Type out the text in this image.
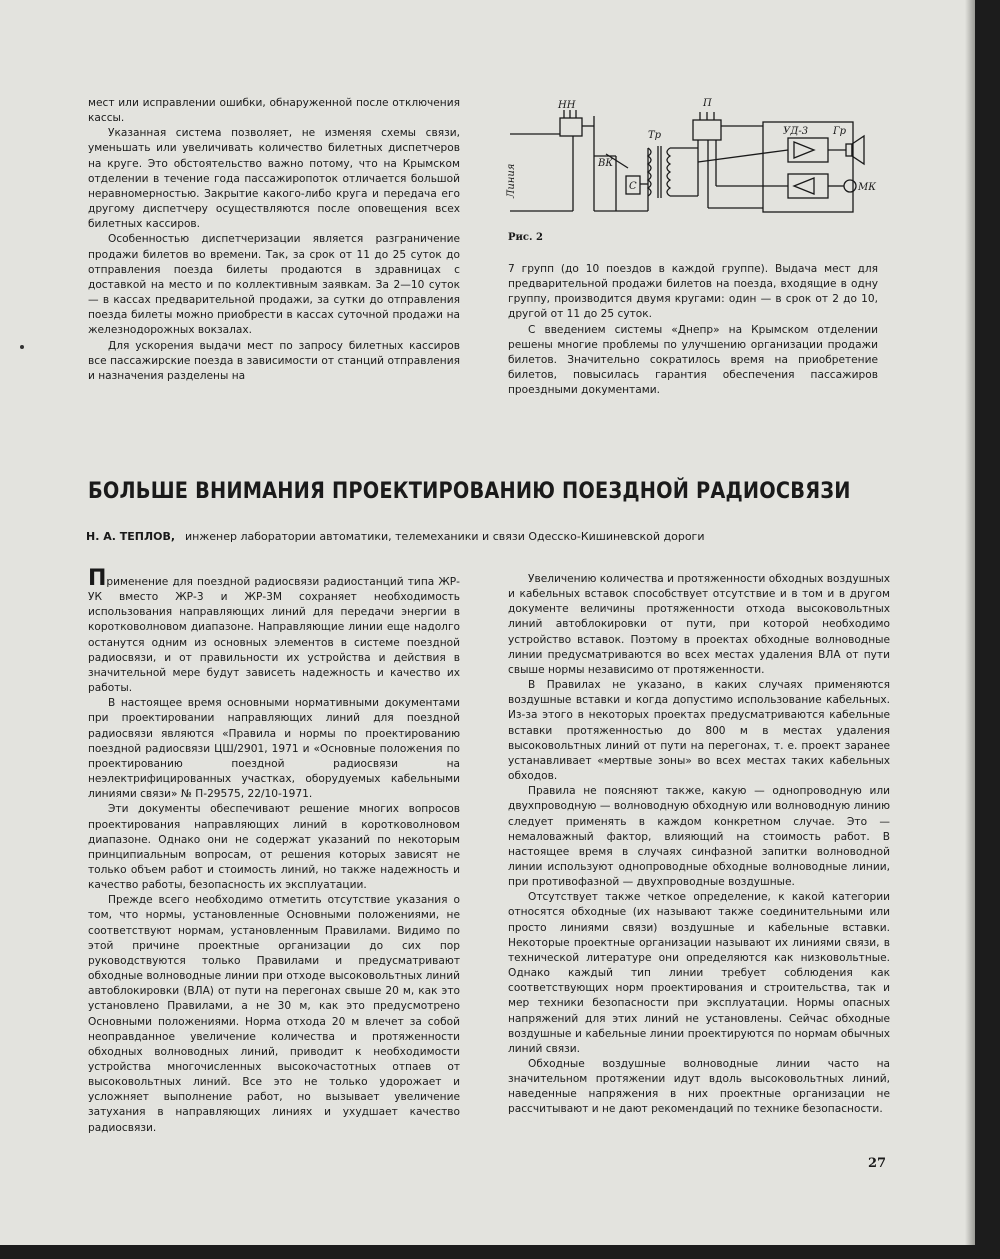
мест или исправлении ошибки, обнаруженной после отключения кассы.

Указанная система позволяет, не изменяя схемы связи, уменьшать или увеличивать количество билетных диспетчеров на круге. Это обстоятельство важно потому, что на Крымском отделении в течение года пассажиропоток отличается большой неравномерностью. Закрытие какого-либо круга и передача его другому диспетчеру осуществляются после оповещения всех билетных кассиров.

Особенностью диспетчеризации является разграничение продажи билетов во времени. Так, за срок от 11 до 25 суток до отправления поезда билеты продаются в здравницах с доставкой на место и по коллективным заявкам. За 2—10 суток — в кассах предварительной продажи, за сутки до отправления поезда билеты можно приобрести в кассах суточной продажи на железнодорожных вокзалах.

Для ускорения выдачи мест по запросу билетных кассиров все пассажирские поезда в зависимости от станций отправления и назначения разделены на

НН	П
УД-3 Гр
Тр
ВК
С	МК
Линия
Рис. 2

7 групп (до 10 поездов в каждой группе). Выдача мест для предварительной продажи билетов на поезда, входящие в одну группу, производится двумя кругами: один — в срок от 2 до 10, другой от 11 до 25 суток.

С введением системы «Днепр» на Крымском отделении решены многие проблемы по улучшению организации продажи билетов. Значительно сократилось время на приобретение билетов, повысилась гарантия обеспечения пассажиров проездными документами.

БОЛЬШЕ ВНИМАНИЯ ПРОЕКТИРОВАНИЮ ПОЕЗДНОЙ РАДИОСВЯЗИ
Н. А. ТЕПЛОВ, инженер лаборатории автоматики, телемеханики и связи Одесско-Кишиневской дороги

Применение для поездной радиосвязи радиостанций типа ЖР-УК вместо ЖР-3 и ЖР-3М сохраняет необходимость использования направляющих линий для передачи энергии в коротковолновом диапазоне. Направляющие линии еще надолго останутся одним из основных элементов в системе поездной радиосвязи, и от правильности их устройства и действия в значительной мере будут зависеть надежность и качество их работы.

В настоящее время основными нормативными документами при проектировании направляющих линий для поездной радиосвязи являются «Правила и нормы по проектированию поездной радиосвязи ЦШ/2901, 1971 и «Основные положения по проектированию поездной радиосвязи на неэлектрифицированных участках, оборудуемых кабельными линиями связи» № П-29575, 22/10-1971.

Эти документы обеспечивают решение многих вопросов проектирования направляющих линий в коротковолновом диапазоне. Однако они не содержат указаний по некоторым принципиальным вопросам, от решения которых зависят не только объем работ и стоимость линий, но также надежность и качество работы, безопасность их эксплуатации.

Прежде всего необходимо отметить отсутствие указания о том, что нормы, установленные Основными положениями, не соответствуют нормам, установленным Правилами. Видимо по этой причине проектные организации до сих пор руководствуются только Правилами и предусматривают обходные волноводные линии при отходе высоковольтных линий автоблокировки (ВЛА) от пути на перегонах свыше 20 м, как это установлено Правилами, а не 30 м, как это предусмотрено Основными положениями. Норма отхода 20 м влечет за собой неоправданное увеличение количества и протяженности обходных волноводных линий, приводит к необходимости устройства многочисленных высокочастотных отпаев от высоковольтных линий. Все это не только удорожает и усложняет выполнение работ, но вызывает увеличение затухания в направляющих линиях и ухудшает качество радиосвязи.

Увеличению количества и протяженности обходных воздушных и кабельных вставок способствует отсутствие и в том и в другом документе величины протяженности отхода высоковольтных линий автоблокировки от пути, при которой необходимо устройство вставок. Поэтому в проектах обходные волноводные линии предусматриваются во всех местах удаления ВЛА от пути свыше нормы независимо от протяженности.

В Правилах не указано, в каких случаях применяются воздушные вставки и когда допустимо использование кабельных. Из-за этого в некоторых проектах предусматриваются кабельные вставки протяженностью до 800 м в местах удаления высоковольтных линий от пути на перегонах, т. е. проект заранее устанавливает «мертвые зоны» во всех местах таких кабельных обходов.

Правила не поясняют также, какую — однопроводную или двухпроводную — волноводную обходную или волноводную линию следует применять в каждом конкретном случае. Это — немаловажный фактор, влияющий на стоимость работ. В настоящее время в случаях синфазной запитки волноводной линии используют однопроводные обходные волноводные линии, при противофазной — двухпроводные воздушные.

Отсутствует также четкое определение, к какой категории относятся обходные (их называют также соединительными или просто линиями связи) воздушные и кабельные вставки. Некоторые проектные организации называют их линиями связи, в технической литературе они определяются как низковольтные. Однако каждый тип линии требует соблюдения как соответствующих норм проектирования и строительства, так и мер техники безопасности при эксплуатации. Нормы опасных напряжений для этих линий не установлены. Сейчас обходные воздушные и кабельные линии проектируются по нормам обычных линий связи.

Обходные воздушные волноводные линии часто на значительном протяжении идут вдоль высоковольтных линий, наведенные напряжения в них проектные организации не рассчитывают и не дают рекомендаций по технике безопасности.

27
